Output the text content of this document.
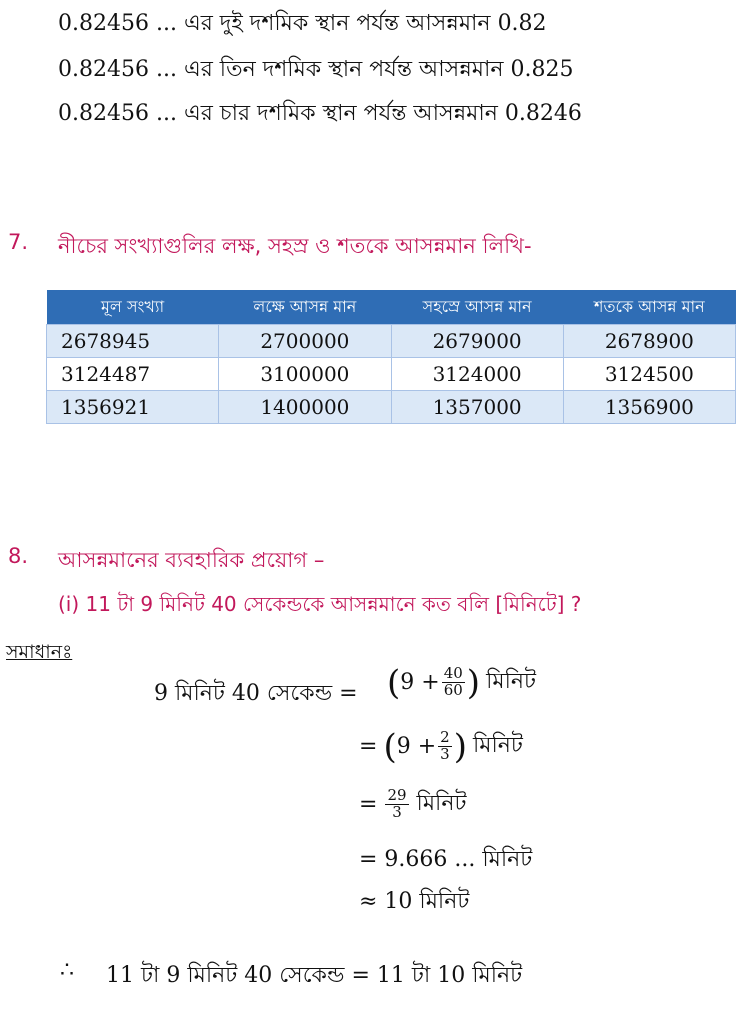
0.82456 ... এর দুই দশমিক স্থান পর্যন্ত আসন্নমান 0.82
0.82456 ... এর তিন দশমিক স্থান পর্যন্ত আসন্নমান 0.825
0.82456 ... এর চার দশমিক স্থান পর্যন্ত আসন্নমান 0.8246
7. নীচের সংখ্যাগুলির লক্ষ, সহস্র ও শতকে আসন্নমান লিখি-
মূল সংখ্যা	লক্ষে আসন্ন মান	সহস্রে আসন্ন মান	শতকে আসন্ন মান
2678945	2700000	2679000	2678900
3124487	3100000	3124000	3124500
1356921	1400000	1357000	1356900
8. আসন্নমানের ব্যবহারিক প্রয়োগ –
(i) 11 টা 9 মিনিট 40 সেকেন্ডকে আসন্নমানে কত বলি [মিনিটে] ?
সমাধানঃ
9 মিনিট 40 সেকেন্ড = ( $9 + \frac{40}{60}$ ) মিনিট
= ( $9 + \frac{2}{3}$ ) মিনিট
= $\frac{29}{3}$ মিনিট
= 9.666 ... মিনিট
≈ 10 মিনিট
∴ 11 টা 9 মিনিট 40 সেকেন্ড = 11 টা 10 মিনিট
